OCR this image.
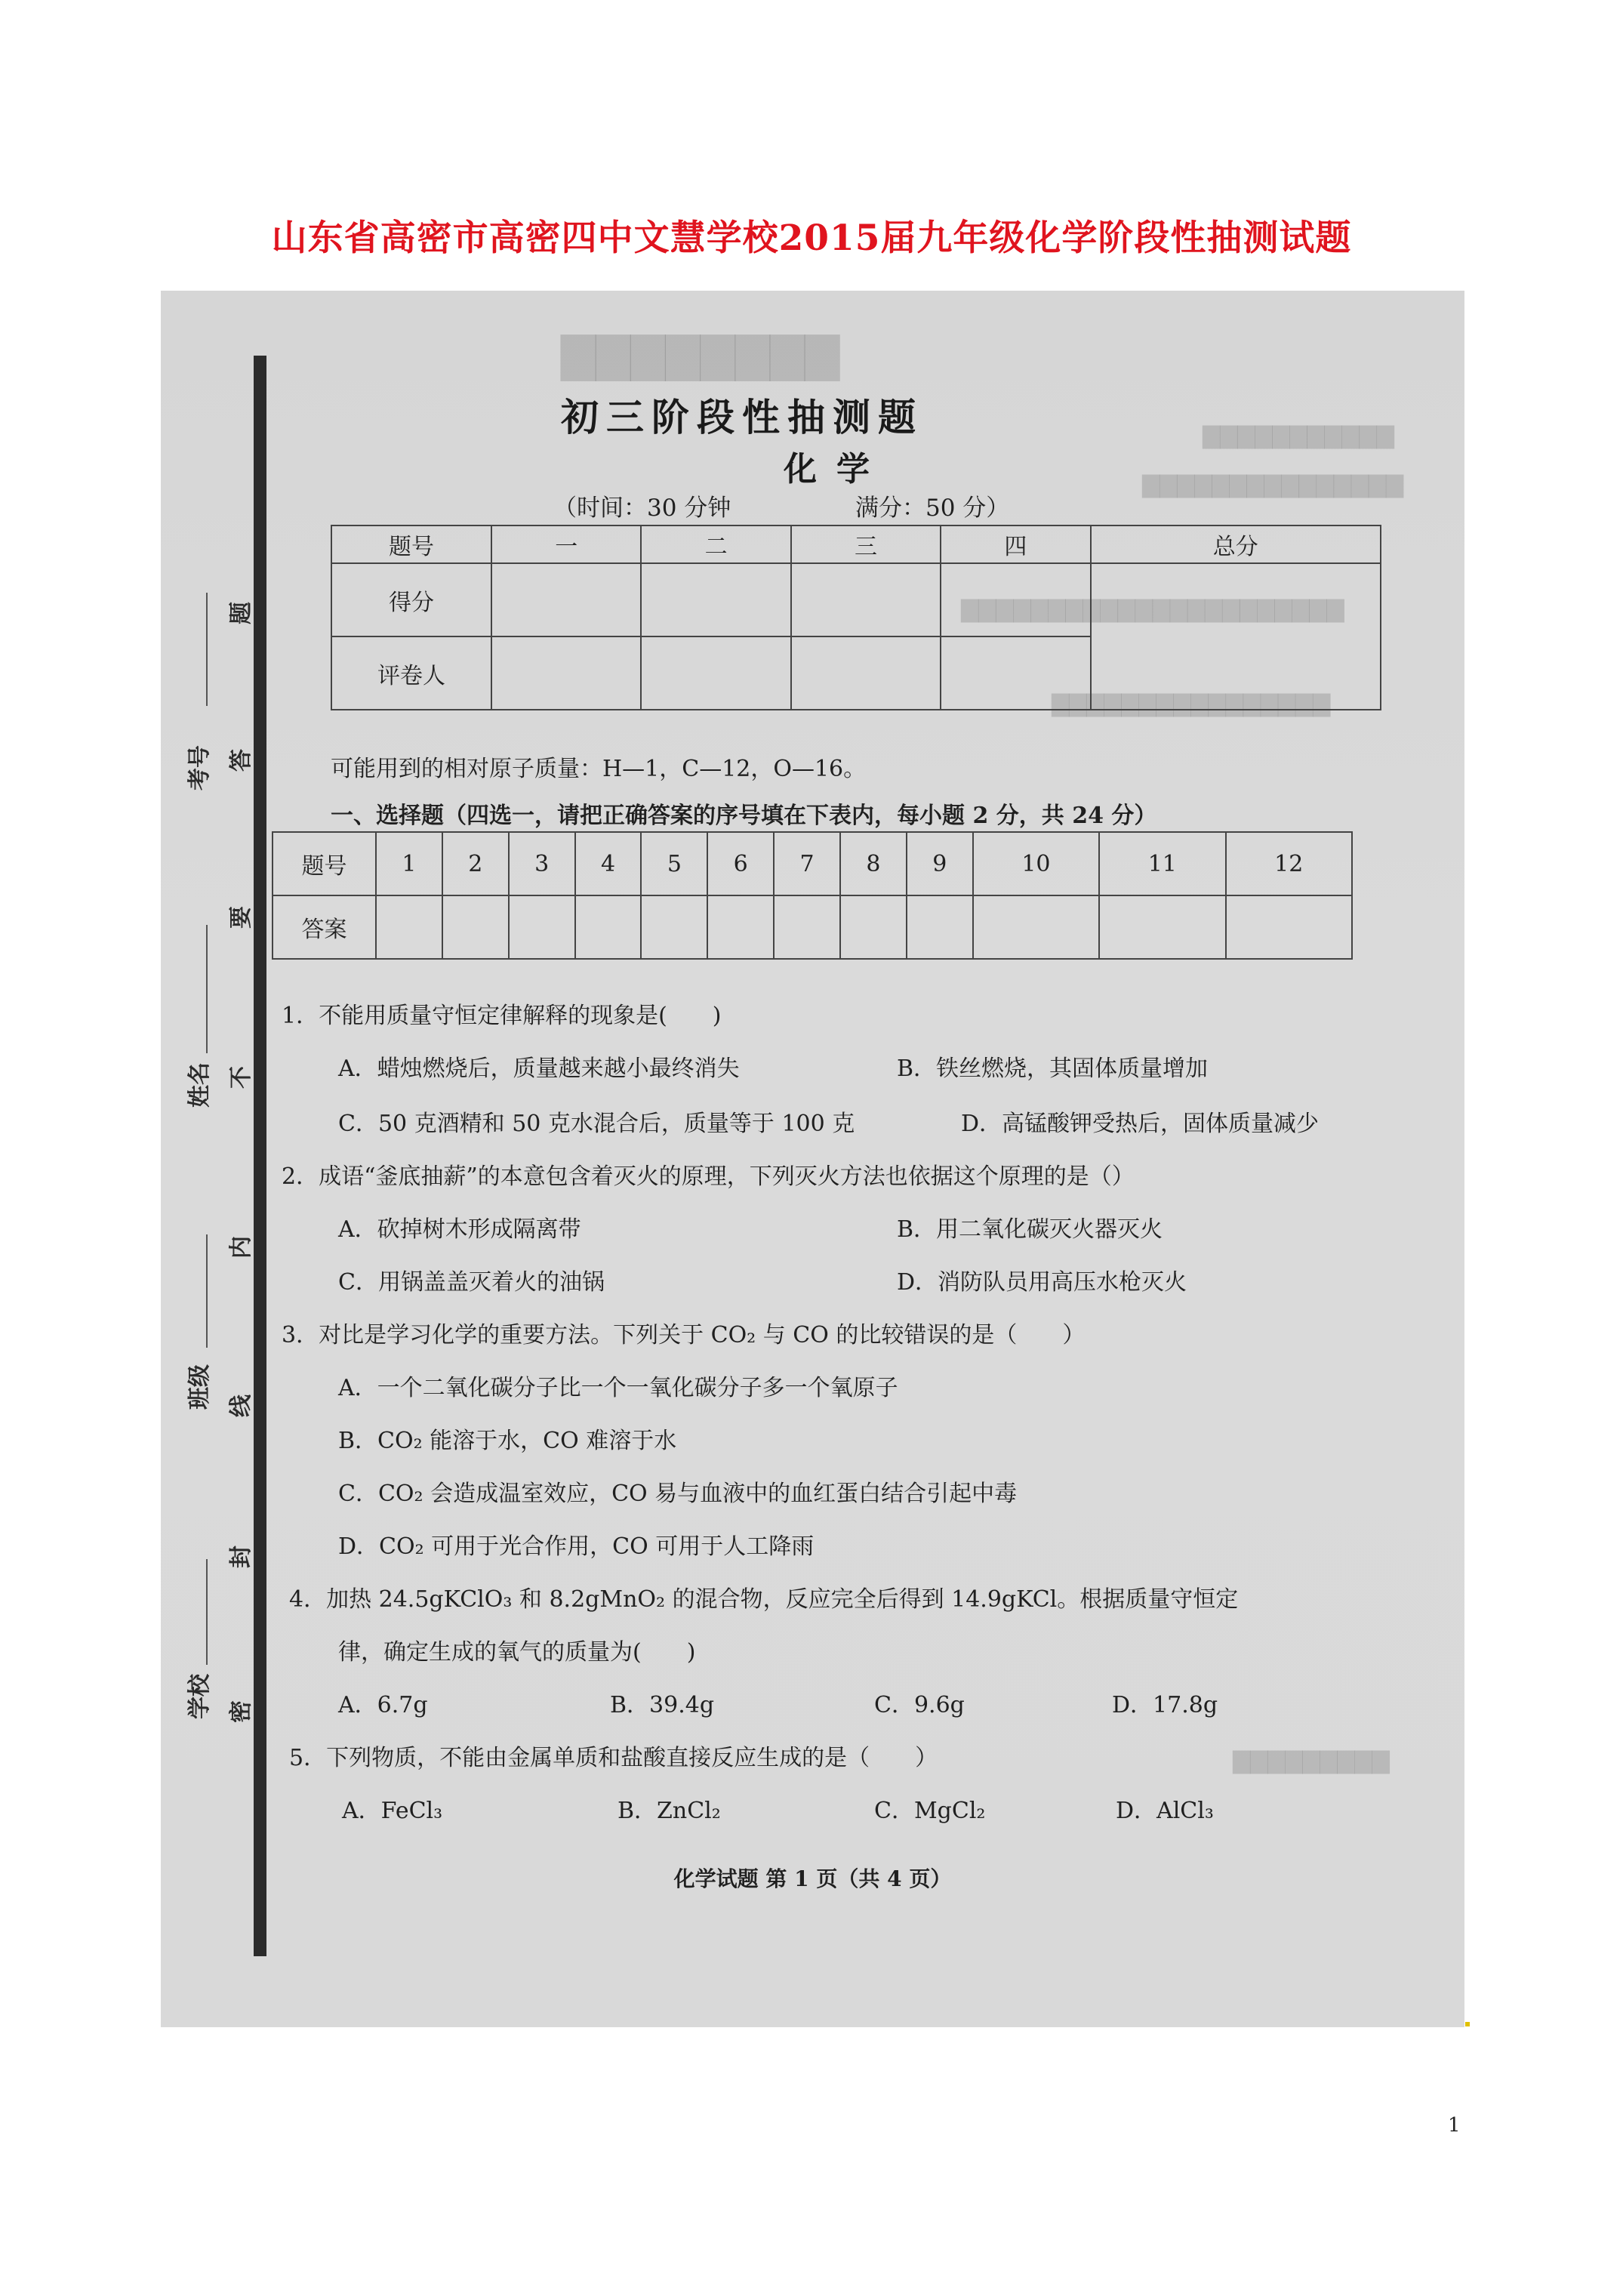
山东省高密市高密四中文慧学校2015届九年级化学阶段性抽测试题
▇▇▇▇▇▇▇▇
▇▇▇▇▇▇▇▇▇▇▇
▇▇▇▇▇▇▇▇▇▇▇▇▇▇▇
▇▇▇▇▇▇▇▇▇▇▇▇▇▇▇▇▇▇▇▇▇▇
▇▇▇▇▇▇▇▇▇▇▇▇▇▇▇▇
▇▇▇▇▇▇▇▇▇
考号
姓名
班级
学校
题
答
要
不
内
线
封
密
初三阶段性抽测题
化学
（时间：30 分钟	满分：50 分）
题号	一	二	三	四	总分
得分					
评卷人					
可能用到的相对原子质量：H—1，C—12，O—16。
一、选择题（四选一，请把正确答案的序号填在下表内，每小题 2 分，共 24 分）
题号	1	2	3	4	5	6	7	8	9	10	11	12
答案												
1．不能用质量守恒定律解释的现象是(　　)
A．蜡烛燃烧后，质量越来越小最终消失	B．铁丝燃烧，其固体质量增加
C．50 克酒精和 50 克水混合后，质量等于 100 克	D．高锰酸钾受热后，固体质量减少
2．成语“釜底抽薪”的本意包含着灭火的原理，下列灭火方法也依据这个原理的是（）
A．砍掉树木形成隔离带	B．用二氧化碳灭火器灭火
C．用锅盖盖灭着火的油锅	D．消防队员用高压水枪灭火
3．对比是学习化学的重要方法。下列关于 CO₂ 与 CO 的比较错误的是（　　）
A．一个二氧化碳分子比一个一氧化碳分子多一个氧原子
B．CO₂ 能溶于水，CO 难溶于水
C．CO₂ 会造成温室效应，CO 易与血液中的血红蛋白结合引起中毒
D．CO₂ 可用于光合作用，CO 可用于人工降雨
4．加热 24.5gKClO₃ 和 8.2gMnO₂ 的混合物，反应完全后得到 14.9gKCl。根据质量守恒定
律，确定生成的氧气的质量为(　　)
A．6.7g	B．39.4g	C．9.6g	D．17.8g
5．下列物质，不能由金属单质和盐酸直接反应生成的是（　　）
A．FeCl₃	B．ZnCl₂	C．MgCl₂	D．AlCl₃
化学试题 第 1 页（共 4 页）
1
